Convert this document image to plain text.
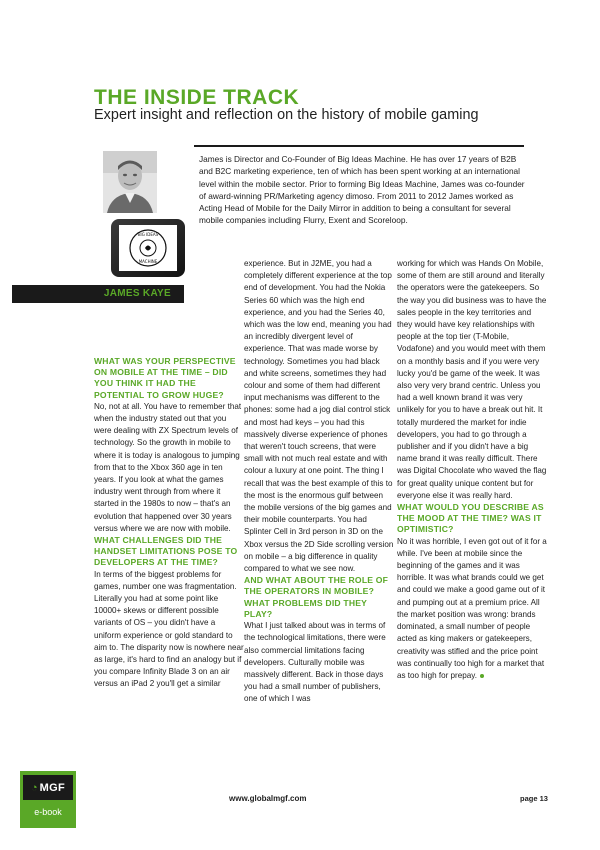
THE INSIDE TRACK
Expert insight and reflection on the history of mobile gaming
BIG IDEAS
MACHINE

James is Director and Co-Founder of Big Ideas Machine. He has over 17 years of B2B and B2C marketing experience, ten of which has been spent working at an international level within the mobile sector. Prior to forming Big Ideas Machine, James was co-founder of award-winning PR/Marketing agency dimoso. From 2011 to 2012 James worked as Acting Head of Mobile for the Daily Mirror in addition to being a consultant for several mobile companies including Flurry, Exent and Scoreloop.

JAMES KAYE

WHAT WAS YOUR PERSPECTIVE ON MOBILE AT THE TIME – DID YOU THINK IT HAD THE POTENTIAL TO GROW HUGE?

No, not at all. You have to remember that when the industry stated out that you were dealing with ZX Spectrum levels of technology. So the growth in mobile to where it is today is analogous to jumping from that to the Xbox 360 age in ten years. If you look at what the games industry went through from where it started in the 1980s to now – that's an evolution that happened over 30 years versus where we are now with mobile.

WHAT CHALLENGES DID THE HANDSET LIMITATIONS POSE TO DEVELOPERS AT THE TIME?

In terms of the biggest problems for games, number one was fragmentation. Literally you had at some point like 10000+ skews or different possible variants of OS – you didn't have a uniform experience or gold standard to aim to. The disparity now is nowhere near as large, it's hard to find an analogy but if you compare Infinity Blade 3 on an air versus an iPad 2 you'll get a similar

experience. But in J2ME, you had a completely different experience at the top end of development. You had the Nokia Series 60 which was the high end experience, and you had the Series 40, which was the low end, meaning you had an incredibly divergent level of experience. That was made worse by technology. Sometimes you had black and white screens, sometimes they had colour and some of them had different input mechanisms was different to the phones: some had a jog dial control stick and most had keys – you had this massively diverse experience of phones that weren't touch screens, that were small with not much real estate and with colour a luxury at one point. The thing I recall that was the best example of this to the most is the enormous gulf between the mobile versions of the big games and their mobile counterparts. You had Splinter Cell in 3rd person in 3D on the Xbox versus the 2D Side scrolling version on mobile – a big difference in quality compared to what we see now.

AND WHAT ABOUT THE ROLE OF THE OPERATORS IN MOBILE? WHAT PROBLEMS DID THEY PLAY?

What I just talked about was in terms of the technological limitations, there were also commercial limitations facing developers. Culturally mobile was massively different. Back in those days you had a small number of publishers, one of which I was

working for which was Hands On Mobile, some of them are still around and literally the operators were the gatekeepers. So the way you did business was to have the sales people in the key territories and they would have key relationships with people at the top tier (T-Mobile, Vodafone) and you would meet with them on a monthly basis and if you were very lucky you'd be game of the week. It was also very very brand centric. Unless you had a well known brand it was very unlikely for you to have a break out hit. It totally murdered the market for indie developers, you had to go through a publisher and if you didn't have a big name brand it was really difficult. There was Digital Chocolate who waved the flag for great quality unique content but for everyone else it was really hard.

WHAT WOULD YOU DESCRIBE AS THE MOOD AT THE TIME? WAS IT OPTIMISTIC?

No it was horrible, I even got out of it for a while. I've been at mobile since the beginning of the games and it was horrible. It was what brands could we get and could we make a good game out of it and pumping out at a premium price. All the market position was wrong: brands dominated, a small number of people acted as king makers or gatekeepers, creativity was stifled and the price point was continually too high for a market that as too high for prepay.

◔ MGF
e-book
www.globalmgf.com	page 13
